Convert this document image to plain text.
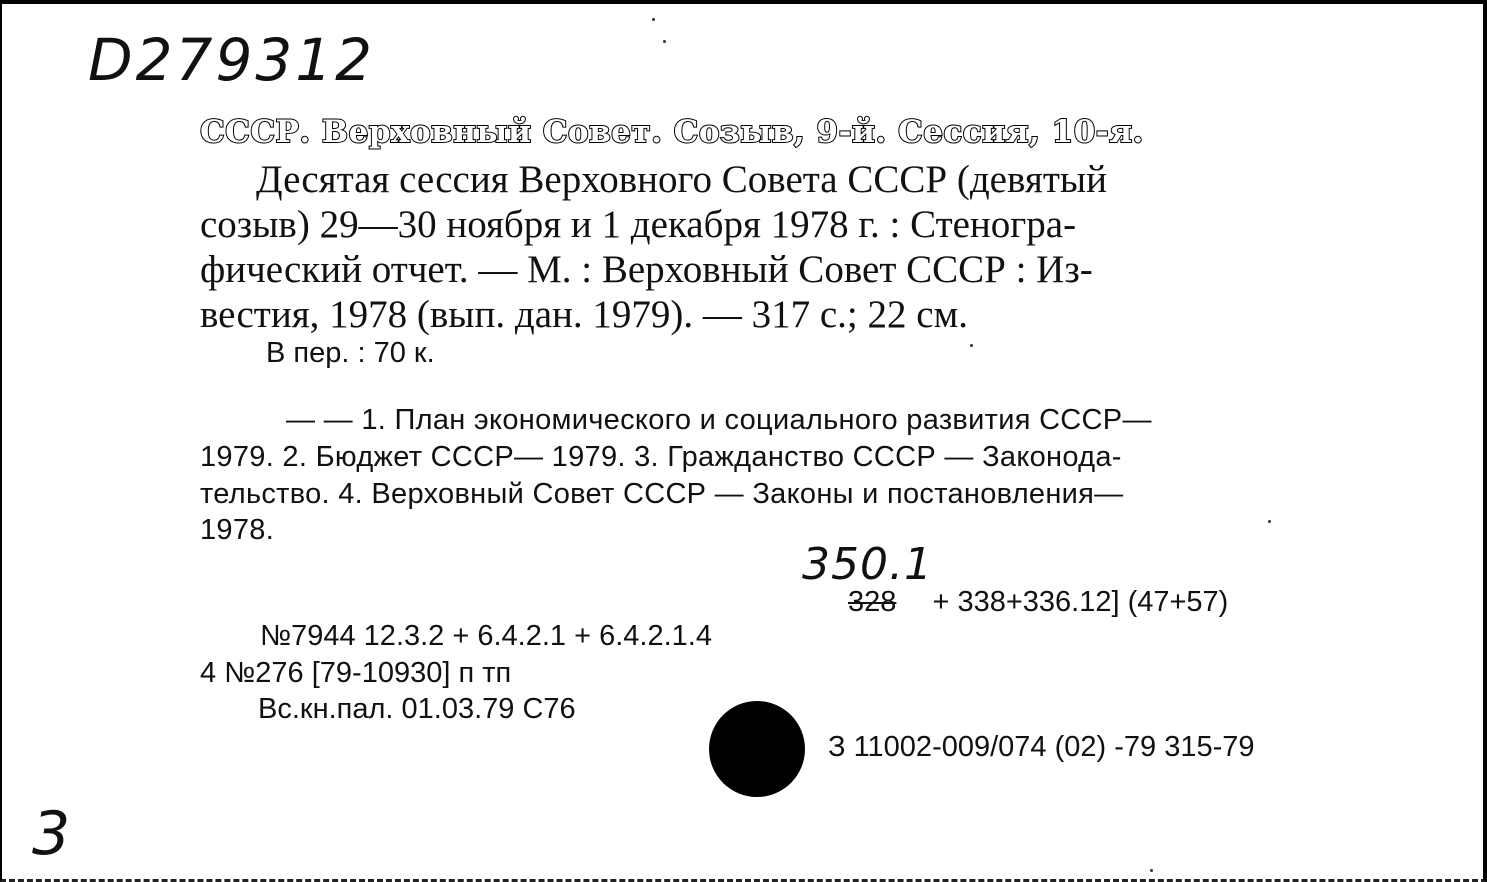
D279312
СССР. Верховный Совет. Созыв, 9-й. Сессия, 10-я.
Десятая сессия Верховного Совета СССР (девятый
созыв) 29—30 ноября и 1 декабря 1978 г. : Стеногра-
фический отчет. — М. : Верховный Совет СССР : Из-
вестия, 1978 (вып. дан. 1979). — 317 с.; 22 см.
В пер. : 70 к.
— — 1. План экономического и социального развития СССР—
1979. 2. Бюджет СССР— 1979. 3. Гражданство СССР — Законода-
тельство. 4. Верховный Совет СССР — Законы и постановления—
1978.
350.1
328 + 338+336.12] (47+57)
№7944 12.3.2 + 6.4.2.1 + 6.4.2.1.4
4 №276 [79-10930] п тп
Вс.кн.пал. 01.03.79 С76
З 11002-009/074 (02) -79 315-79
3
